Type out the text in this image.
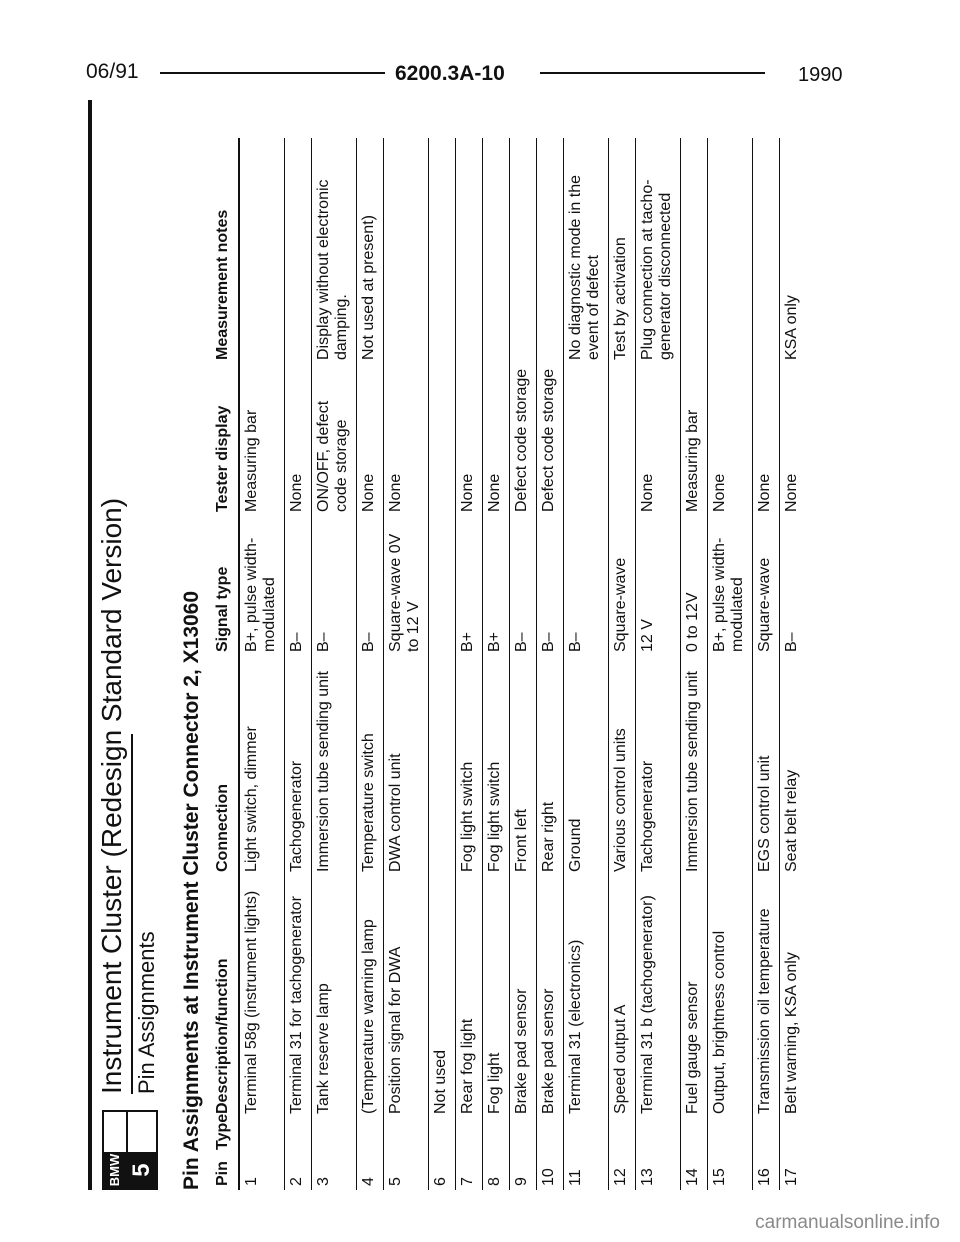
06/91	6200.3A-10	1990
BMW 5
Instrument Cluster (Redesign Standard Version) Pin Assignments Pin Assignments at Instrument Cluster Connector 2, X13060 Pin	Type	Description/function	Connection	Signal type	Tester display	Measurement notes
1		Terminal 58g (instrument lights)	Light switch, dimmer	B+, pulse width-modulated	Measuring bar	
2		Terminal 31 for tachogenerator	Tachogenerator	B–	None	
3		Tank reserve lamp	Immersion tube sending unit	B–	ON/OFF, defect code storage	Display without electronic damping.
4		(Temperature warning lamp	Temperature switch	B–	None	Not used at present)
5		Position signal for DWA	DWA control unit	Square-wave 0V to 12 V	None	
6		Not used				
7		Rear fog light	Fog light switch	B+	None	
8		Fog light	Fog light switch	B+	None	
9		Brake pad sensor	Front left	B–	Defect code storage	
10		Brake pad sensor	Rear right	B–	Defect code storage	
11		Terminal 31 (electronics)	Ground	B–		No diagnostic mode in the event of defect
12		Speed output A	Various control units	Square-wave		Test by activation
13		Terminal 31 b (tachogenerator)	Tachogenerator	12 V	None	Plug connection at tacho-generator disconnected
14		Fuel gauge sensor	Immersion tube sending unit	0 to 12V	Measuring bar	
15		Output, brightness control		B+, pulse width-modulated	None	
16		Transmission oil temperature	EGS control unit	Square-wave	None	
17		Belt warning, KSA only	Seat belt relay	B–	None	KSA only
carmanualsonline.info
